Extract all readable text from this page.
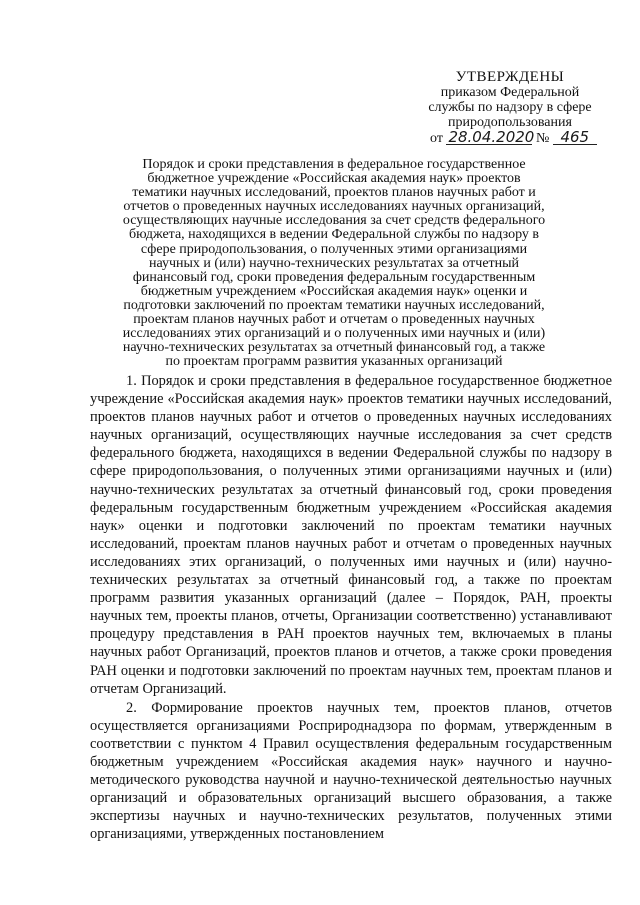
УТВЕРЖДЕНЫ
приказом Федеральной
службы по надзору в сфере
природопользования
от 28.04.2020 № 465
Порядок и сроки представления в федеральное государственное
бюджетное учреждение «Российская академия наук» проектов
тематики научных исследований, проектов планов научных работ и
отчетов о проведенных научных исследованиях научных организаций,
осуществляющих научные исследования за счет средств федерального
бюджета, находящихся в ведении Федеральной службы по надзору в
сфере природопользования, о полученных этими организациями
научных и (или) научно-технических результатах за отчетный
финансовый год, сроки проведения федеральным государственным
бюджетным учреждением «Российская академия наук» оценки и
подготовки заключений по проектам тематики научных исследований,
проектам планов научных работ и отчетам о проведенных научных
исследованиях этих организаций и о полученных ими научных и (или)
научно-технических результатах за отчетный финансовый год, а также
по проектам программ развития указанных организаций

1. Порядок и сроки представления в федеральное государственное бюджетное учреждение «Российская академия наук» проектов тематики научных исследований, проектов планов научных работ и отчетов о проведенных научных исследованиях научных организаций, осуществляющих научные исследования за счет средств федерального бюджета, находящихся в ведении Федеральной службы по надзору в сфере природопользования, о полученных этими организациями научных и (или) научно-технических результатах за отчетный финансовый год, сроки проведения федеральным государственным бюджетным учреждением «Российская академия наук» оценки и подготовки заключений по проектам тематики научных исследований, проектам планов научных работ и отчетам о проведенных научных исследованиях этих организаций, о полученных ими научных и (или) научно-технических результатах за отчетный финансовый год, а также по проектам программ развития указанных организаций (далее – Порядок, РАН, проекты научных тем, проекты планов, отчеты, Организации соответственно) устанавливают процедуру представления в РАН проектов научных тем, включаемых в планы научных работ Организаций, проектов планов и отчетов, а также сроки проведения РАН оценки и подготовки заключений по проектам научных тем, проектам планов и отчетам Организаций.

2. Формирование проектов научных тем, проектов планов, отчетов осуществляется организациями Росприроднадзора по формам, утвержденным в соответствии с пунктом 4 Правил осуществления федеральным государственным бюджетным учреждением «Российская академия наук» научного и научно-методического руководства научной и научно-технической деятельностью научных организаций и образовательных организаций высшего образования, а также экспертизы научных и научно-технических результатов, полученных этими организациями, утвержденных постановлением
